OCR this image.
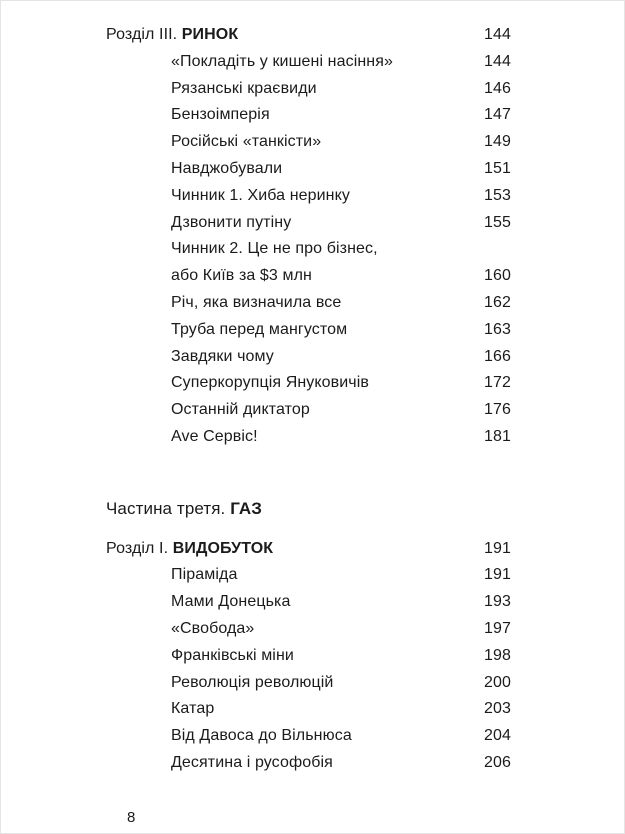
Розділ III. РИНОК	144
«Покладіть у кишені насіння»	144
Рязанські краєвиди	146
Бензоімперія	147
Російські «танкісти»	149
Навджобували	151
Чинник 1. Хиба неринку	153
Дзвонити путіну	155
Чинник 2. Це не про бізнес,
або Київ за $3 млн	160
Річ, яка визначила все	162
Труба перед мангустом	163
Завдяки чому	166
Суперкорупція Януковичів	172
Останній диктатор	176
Ave Сервіс!	181
Частина третя. ГАЗ
Розділ I. ВИДОБУТОК	191
Піраміда	191
Мами Донецька	193
«Свобода»	197
Франківські міни	198
Революція революцій	200
Катар	203
Від Давоса до Вільнюса	204
Десятина і русофобія	206
8
